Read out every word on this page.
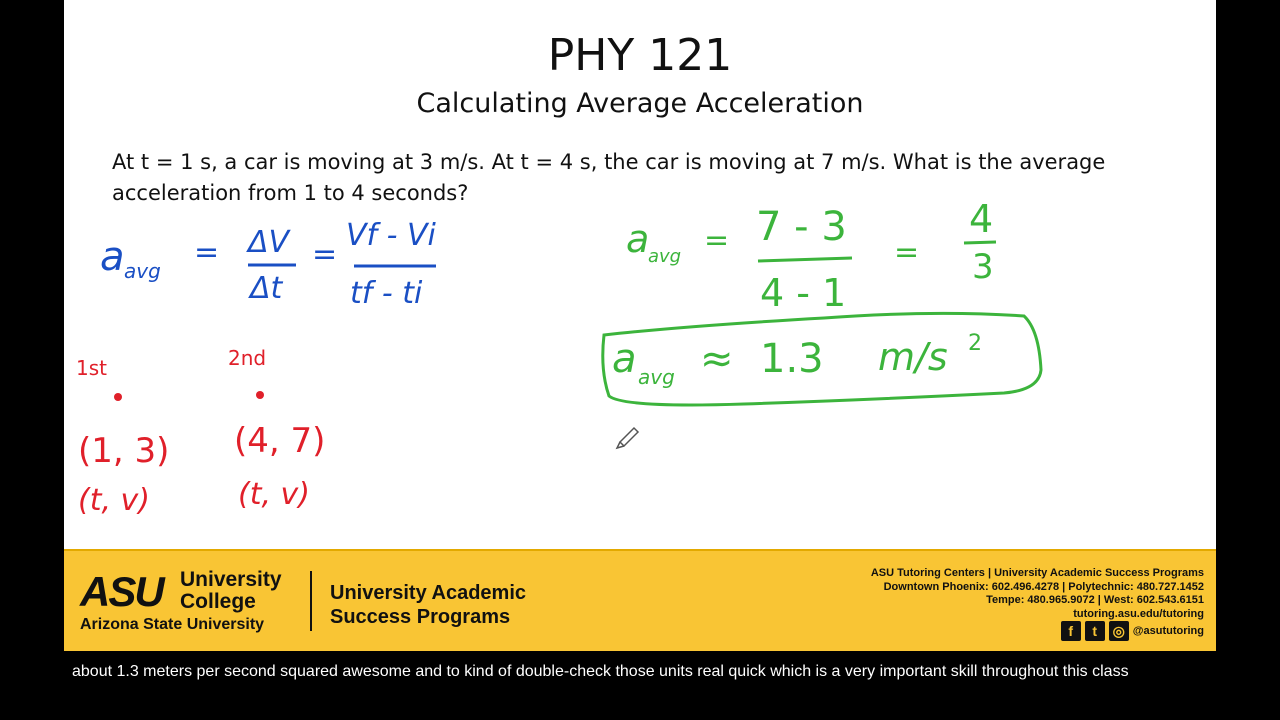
PHY 121
Calculating Average Acceleration
At t = 1 s, a car is moving at 3 m/s. At t = 4 s, the car is moving at 7 m/s. What is the average acceleration from 1 to 4 seconds?
a avg
= ΔV
Δt
=
Vf - Vi
tf - ti
1st
(1, 3)
(t, v)
2nd
(4, 7)
(t, v)
a
avg = 7 - 3
4 - 1
=
4
3
a avg ≈ 1.3 m/s 2
ASU University
College
Arizona State University
University Academic
Success Programs
ASU Tutoring Centers | University Academic Success Programs
Downtown Phoenix: 602.496.4278 | Polytechnic: 480.727.1452
Tempe: 480.965.9072 | West: 602.543.6151
tutoring.asu.edu/tutoring
f	t	◎ @asututoring
about 1.3 meters per second squared awesome and to kind of double-check those units real quick which is a very important skill throughout this class
